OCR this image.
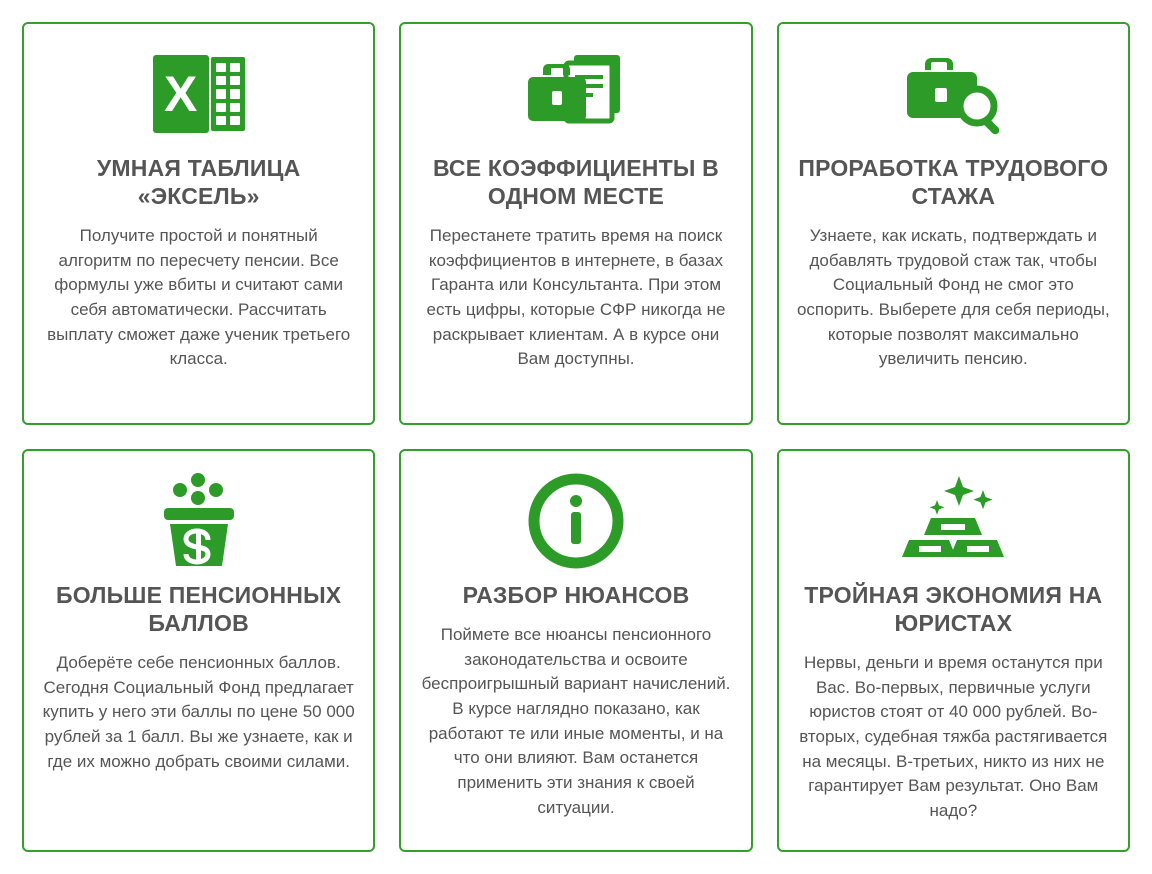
X
УМНАЯ ТАБЛИЦА «ЭКСЕЛЬ»

Получите простой и понятный алгоритм по пересчету пенсии. Все формулы уже вбиты и считают сами себя автоматически. Рассчитать выплату сможет даже ученик третьего класса.

ВСЕ КОЭФФИЦИЕНТЫ В ОДНОМ МЕСТЕ

Перестанете тратить время на поиск коэффициентов в интернете, в базах Гаранта или Консультанта. При этом есть цифры, которые СФР никогда не раскрывает клиентам. А в курсе они Вам доступны.

ПРОРАБОТКА ТРУДОВОГО СТАЖА

Узнаете, как искать, подтверждать и добавлять трудовой стаж так, чтобы Социальный Фонд не смог это оспорить. Выберете для себя периоды, которые позволят максимально увеличить пенсию.

БОЛЬШЕ ПЕНСИОННЫХ БАЛЛОВ

Доберёте себе пенсионных баллов. Сегодня Социальный Фонд предлагает купить у него эти баллы по цене 50 000 рублей за 1 балл. Вы же узнаете, как и где их можно добрать своими силами.

РАЗБОР НЮАНСОВ

Поймете все нюансы пенсионного законодательства и освоите беспроигрышный вариант начислений. В курсе наглядно показано, как работают те или иные моменты, и на что они влияют. Вам останется применить эти знания к своей ситуации.

ТРОЙНАЯ ЭКОНОМИЯ НА ЮРИСТАХ

Нервы, деньги и время останутся при Вас. Во-первых, первичные услуги юристов стоят от 40 000 рублей. Во-вторых, судебная тяжба растягивается на месяцы. В-третьих, никто из них не гарантирует Вам результат. Оно Вам надо?
